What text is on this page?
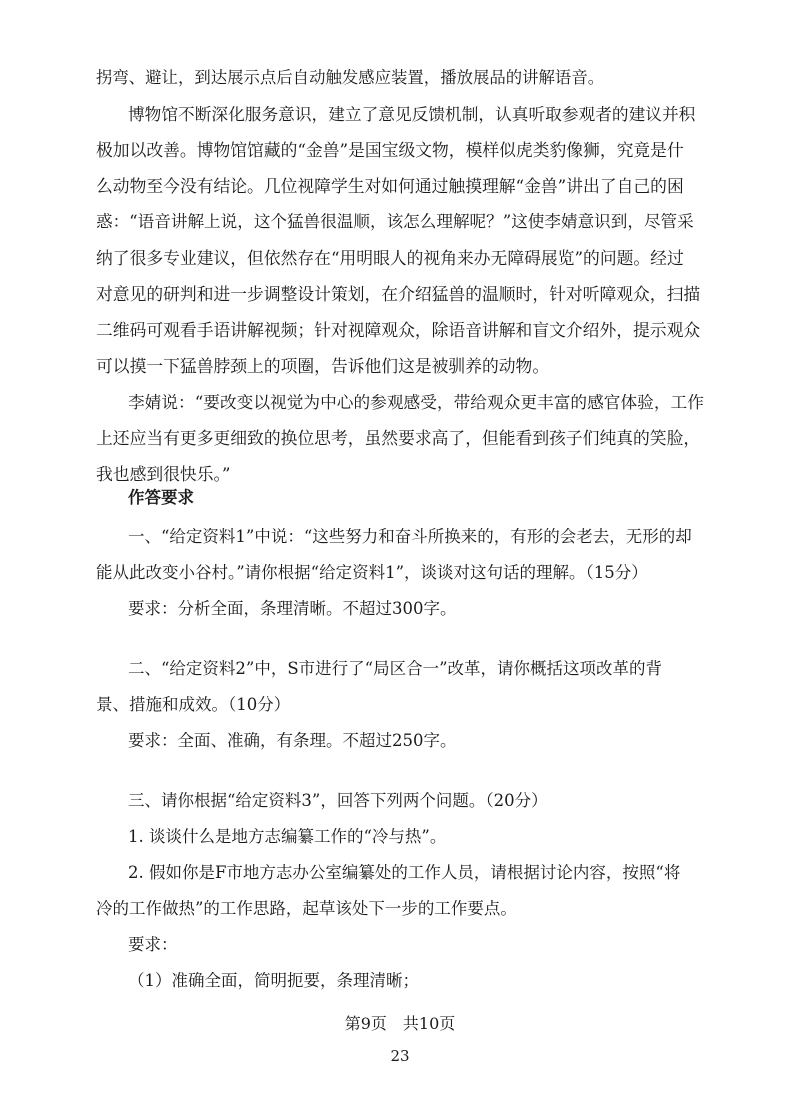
拐弯、避让，到达展示点后自动触发感应装置，播放展品的讲解语音。
博物馆不断深化服务意识，建立了意见反馈机制，认真听取参观者的建议并积
极加以改善。博物馆馆藏的“金兽”是国宝级文物，模样似虎类豹像狮，究竟是什
么动物至今没有结论。几位视障学生对如何通过触摸理解“金兽”讲出了自己的困
惑：“语音讲解上说，这个猛兽很温顺，该怎么理解呢？”这使李婧意识到，尽管采
纳了很多专业建议，但依然存在“用明眼人的视角来办无障碍展览”的问题。经过
对意见的研判和进一步调整设计策划，在介绍猛兽的温顺时，针对听障观众，扫描
二维码可观看手语讲解视频；针对视障观众，除语音讲解和盲文介绍外，提示观众
可以摸一下猛兽脖颈上的项圈，告诉他们这是被驯养的动物。
李婧说：“要改变以视觉为中心的参观感受，带给观众更丰富的感官体验，工作
上还应当有更多更细致的换位思考，虽然要求高了，但能看到孩子们纯真的笑脸，
我也感到很快乐。”
作答要求
一、“给定资料1”中说：“这些努力和奋斗所换来的，有形的会老去，无形的却
能从此改变小谷村。”请你根据“给定资料1”，谈谈对这句话的理解。（15分）
要求：分析全面，条理清晰。不超过300字。
二、“给定资料2”中，S市进行了“局区合一”改革，请你概括这项改革的背
景、措施和成效。（10分）
要求：全面、准确，有条理。不超过250字。
三、请你根据“给定资料3”，回答下列两个问题。（20分）
1. 谈谈什么是地方志编纂工作的“冷与热”。
2. 假如你是F市地方志办公室编纂处的工作人员，请根据讨论内容，按照“将
冷的工作做热”的工作思路，起草该处下一步的工作要点。
要求：
（1）准确全面，简明扼要，条理清晰；
第9页　共10页
23
